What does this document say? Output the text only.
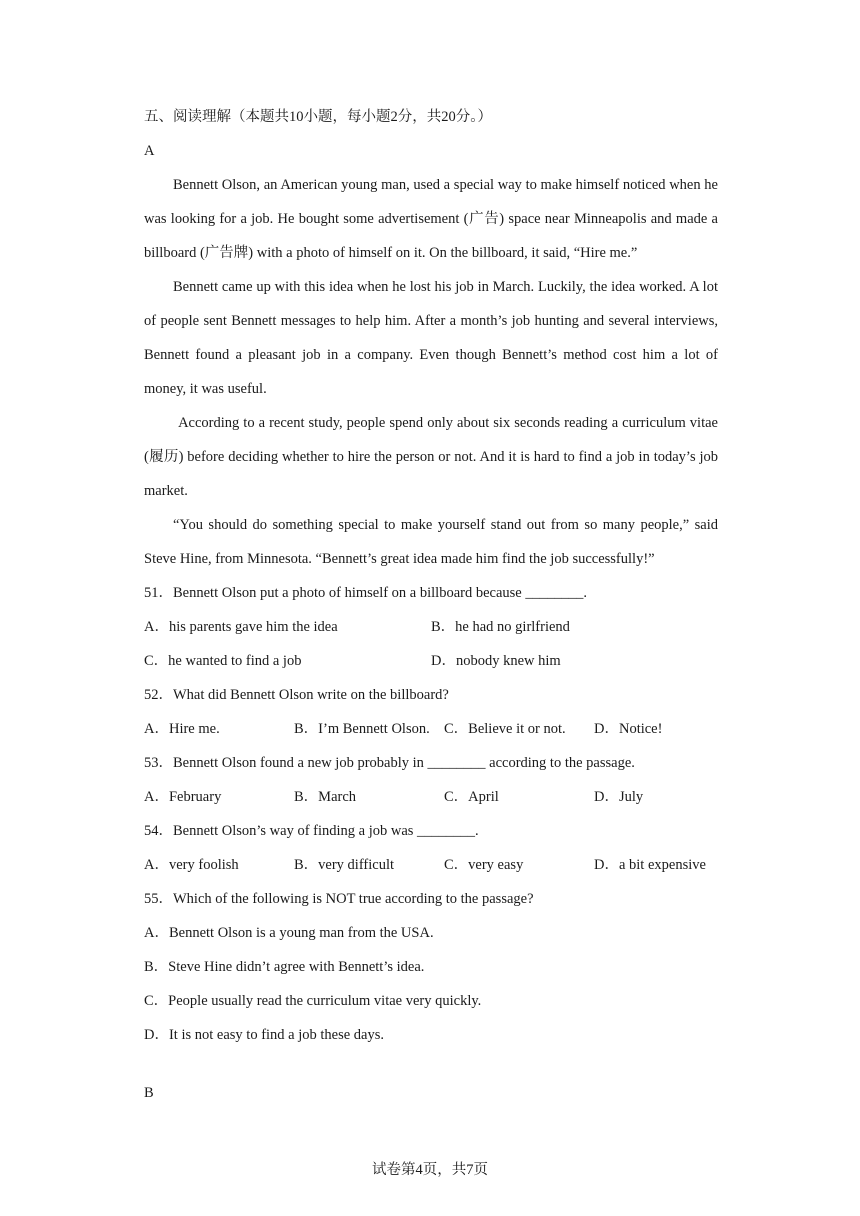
五、阅读理解（本题共10小题，每小题2分，共20分。）
A

Bennett Olson, an American young man, used a special way to make himself noticed when he was looking for a job. He bought some advertisement (广告) space near Minneapolis and made a billboard (广告牌) with a photo of himself on it. On the billboard, it said, “Hire me.”

Bennett came up with this idea when he lost his job in March. Luckily, the idea worked. A lot of people sent Bennett messages to help him. After a month’s job hunting and several interviews, Bennett found a pleasant job in a company. Even though Bennett’s method cost him a lot of money, it was useful.

According to a recent study, people spend only about six seconds reading a curriculum vitae (履历) before deciding whether to hire the person or not. And it is hard to find a job in today’s job market.

“You should do something special to make yourself stand out from so many people,” said Steve Hine, from Minnesota. “Bennett’s great idea made him find the job successfully!”

51．Bennett Olson put a photo of himself on a billboard because ________.
A．his parents gave him the idea	B．he had no girlfriend
C．he wanted to find a job	D．nobody knew him
52．What did Bennett Olson write on the billboard?
A．Hire me.	B．I’m Bennett Olson. C．Believe it or not.	D．Notice!
53．Bennett Olson found a new job probably in ________ according to the passage.
A．February	B．March	C．April	D．July
54．Bennett Olson’s way of finding a job was ________.
A．very foolish	B．very difficult	C．very easy	D．a bit expensive
55．Which of the following is NOT true according to the passage?
A．Bennett Olson is a young man from the USA.
B．Steve Hine didn’t agree with Bennett’s idea.
C．People usually read the curriculum vitae very quickly.
D．It is not easy to find a job these days.
B
试卷第4页，共7页
